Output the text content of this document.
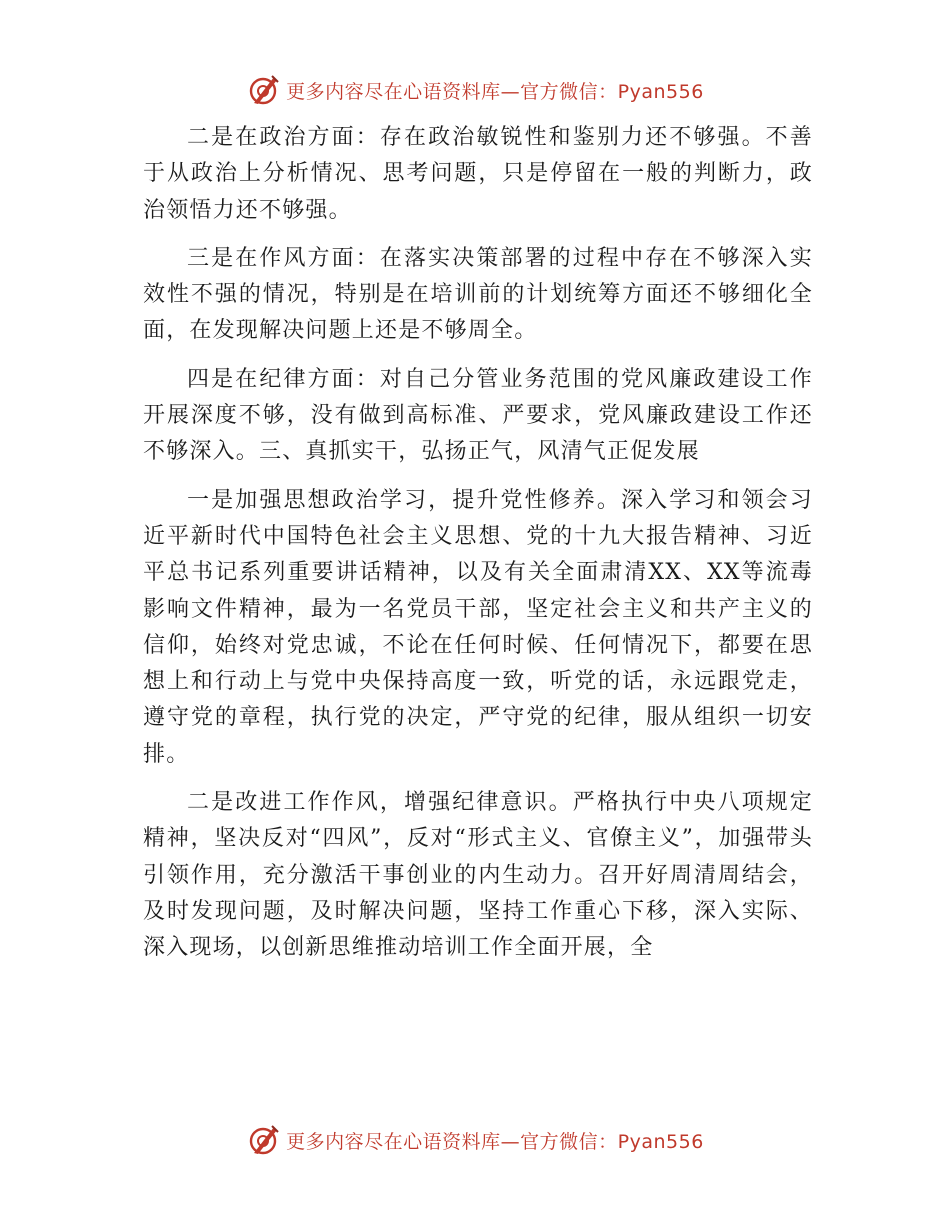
更多内容尽在心语资料库—官方微信：Pyan556

二是在政治方面：存在政治敏锐性和鉴别力还不够强。不善于从政治上分析情况、思考问题，只是停留在一般的判断力，政治领悟力还不够强。

三是在作风方面：在落实决策部署的过程中存在不够深入实效性不强的情况，特别是在培训前的计划统筹方面还不够细化全面，在发现解决问题上还是不够周全。

四是在纪律方面：对自己分管业务范围的党风廉政建设工作开展深度不够，没有做到高标准、严要求，党风廉政建设工作还不够深入。三、真抓实干，弘扬正气，风清气正促发展

一是加强思想政治学习，提升党性修养。深入学习和领会习近平新时代中国特色社会主义思想、党的十九大报告精神、习近平总书记系列重要讲话精神，以及有关全面肃清XX、XX等流毒影响文件精神，最为一名党员干部，坚定社会主义和共产主义的信仰，始终对党忠诚，不论在任何时候、任何情况下，都要在思想上和行动上与党中央保持高度一致，听党的话，永远跟党走，遵守党的章程，执行党的决定，严守党的纪律，服从组织一切安排。

二是改进工作作风，增强纪律意识。严格执行中央八项规定精神，坚决反对“四风”，反对“形式主义、官僚主义”，加强带头引领作用，充分激活干事创业的内生动力。召开好周清周结会，及时发现问题，及时解决问题，坚持工作重心下移，深入实际、深入现场，以创新思维推动培训工作全面开展，全

更多内容尽在心语资料库—官方微信：Pyan556
